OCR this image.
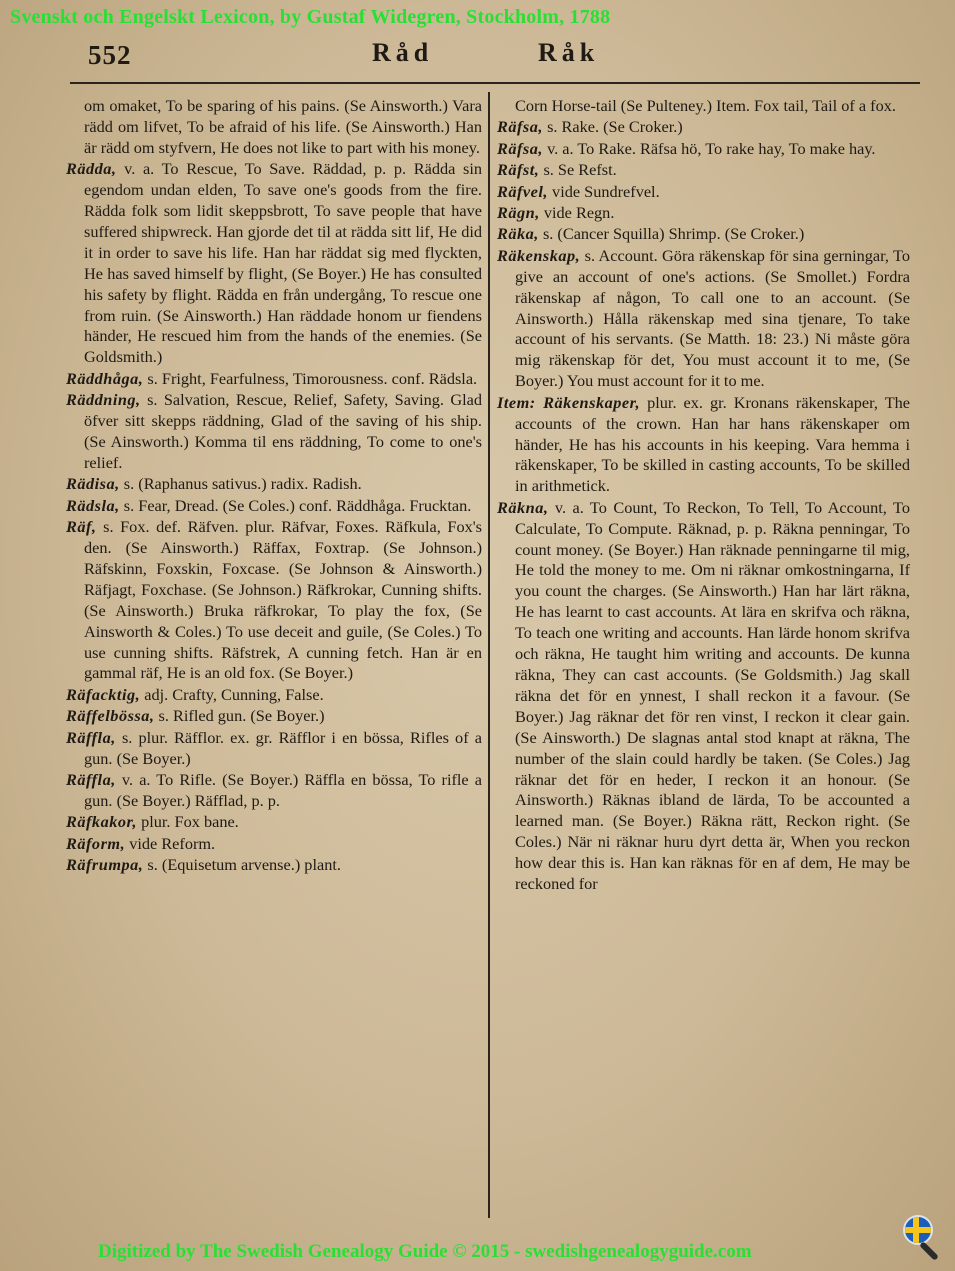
Svenskt och Engelskt Lexicon, by Gustaf Widegren, Stockholm, 1788
552	Råd	Råk

om omaket, To be sparing of his pains. (Se Ainsworth.) Vara rädd om lifvet, To be afraid of his life. (Se Ainsworth.) Han är rädd om styfvern, He does not like to part with his money.

Rädda, v. a. To Rescue, To Save. Räddad, p. p. Rädda sin egendom undan elden, To save one's goods from the fire. Rädda folk som lidit skeppsbrott, To save people that have suffered shipwreck. Han gjorde det til at rädda sitt lif, He did it in order to save his life. Han har räddat sig med flyckten, He has saved himself by flight, (Se Boyer.) He has consulted his safety by flight. Rädda en från undergång, To rescue one from ruin. (Se Ainsworth.) Han räddade honom ur fiendens händer, He rescued him from the hands of the enemies. (Se Goldsmith.)

Räddhåga, s. Fright, Fearfulness, Timorousness. conf. Rädsla.

Räddning, s. Salvation, Rescue, Relief, Safety, Saving. Glad öfver sitt skepps räddning, Glad of the saving of his ship. (Se Ainsworth.) Komma til ens räddning, To come to one's relief.

Rädisa, s. (Raphanus sativus.) radix. Radish.

Rädsla, s. Fear, Dread. (Se Coles.) conf. Räddhåga. Frucktan.

Räf, s. Fox. def. Räfven. plur. Räfvar, Foxes. Räfkula, Fox's den. (Se Ainsworth.) Räffax, Foxtrap. (Se Johnson.) Räfskinn, Foxskin, Foxcase. (Se Johnson & Ainsworth.) Räfjagt, Foxchase. (Se Johnson.) Räfkrokar, Cunning shifts. (Se Ainsworth.) Bruka räfkrokar, To play the fox, (Se Ainsworth & Coles.) To use deceit and guile, (Se Coles.) To use cunning shifts. Räfstrek, A cunning fetch. Han är en gammal räf, He is an old fox. (Se Boyer.)

Räfacktig, adj. Crafty, Cunning, False.

Räffelbössa, s. Rifled gun. (Se Boyer.)

Räffla, s. plur. Räfflor. ex. gr. Räfflor i en bössa, Rifles of a gun. (Se Boyer.)

Räffla, v. a. To Rifle. (Se Boyer.) Räffla en bössa, To rifle a gun. (Se Boyer.) Räfflad, p. p.

Räfkakor, plur. Fox bane.

Räform, vide Reform.

Räfrumpa, s. (Equisetum arvense.) plant.

Corn Horse-tail (Se Pulteney.) Item. Fox tail, Tail of a fox.

Räfsa, s. Rake. (Se Croker.)

Räfsa, v. a. To Rake. Räfsa hö, To rake hay, To make hay.

Räfst, s. Se Refst.

Räfvel, vide Sundrefvel.

Rägn, vide Regn.

Räka, s. (Cancer Squilla) Shrimp. (Se Croker.)

Räkenskap, s. Account. Göra räkenskap för sina gerningar, To give an account of one's actions. (Se Smollet.) Fordra räkenskap af någon, To call one to an account. (Se Ainsworth.) Hålla räkenskap med sina tjenare, To take account of his servants. (Se Matth. 18: 23.) Ni måste göra mig räkenskap för det, You must account it to me, (Se Boyer.) You must account for it to me.

Item: Räkenskaper, plur. ex. gr. Kronans räkenskaper, The accounts of the crown. Han har hans räkenskaper om händer, He has his accounts in his keeping. Vara hemma i räkenskaper, To be skilled in casting accounts, To be skilled in arithmetick.

Räkna, v. a. To Count, To Reckon, To Tell, To Account, To Calculate, To Compute. Räknad, p. p. Räkna penningar, To count money. (Se Boyer.) Han räknade penningarne til mig, He told the money to me. Om ni räknar omkostningarna, If you count the charges. (Se Ainsworth.) Han har lärt räkna, He has learnt to cast accounts. At lära en skrifva och räkna, To teach one writing and accounts. Han lärde honom skrifva och räkna, He taught him writing and accounts. De kunna räkna, They can cast accounts. (Se Goldsmith.) Jag skall räkna det för en ynnest, I shall reckon it a favour. (Se Boyer.) Jag räknar det för ren vinst, I reckon it clear gain. (Se Ainsworth.) De slagnas antal stod knapt at räkna, The number of the slain could hardly be taken. (Se Coles.) Jag räknar det för en heder, I reckon it an honour. (Se Ainsworth.) Räknas ibland de lärda, To be accounted a learned man. (Se Boyer.) Räkna rätt, Reckon right. (Se Coles.) När ni räknar huru dyrt detta är, When you reckon how dear this is. Han kan räknas för en af dem, He may be reckoned for

Digitized by The Swedish Genealogy Guide © 2015 - swedishgenealogyguide.com
